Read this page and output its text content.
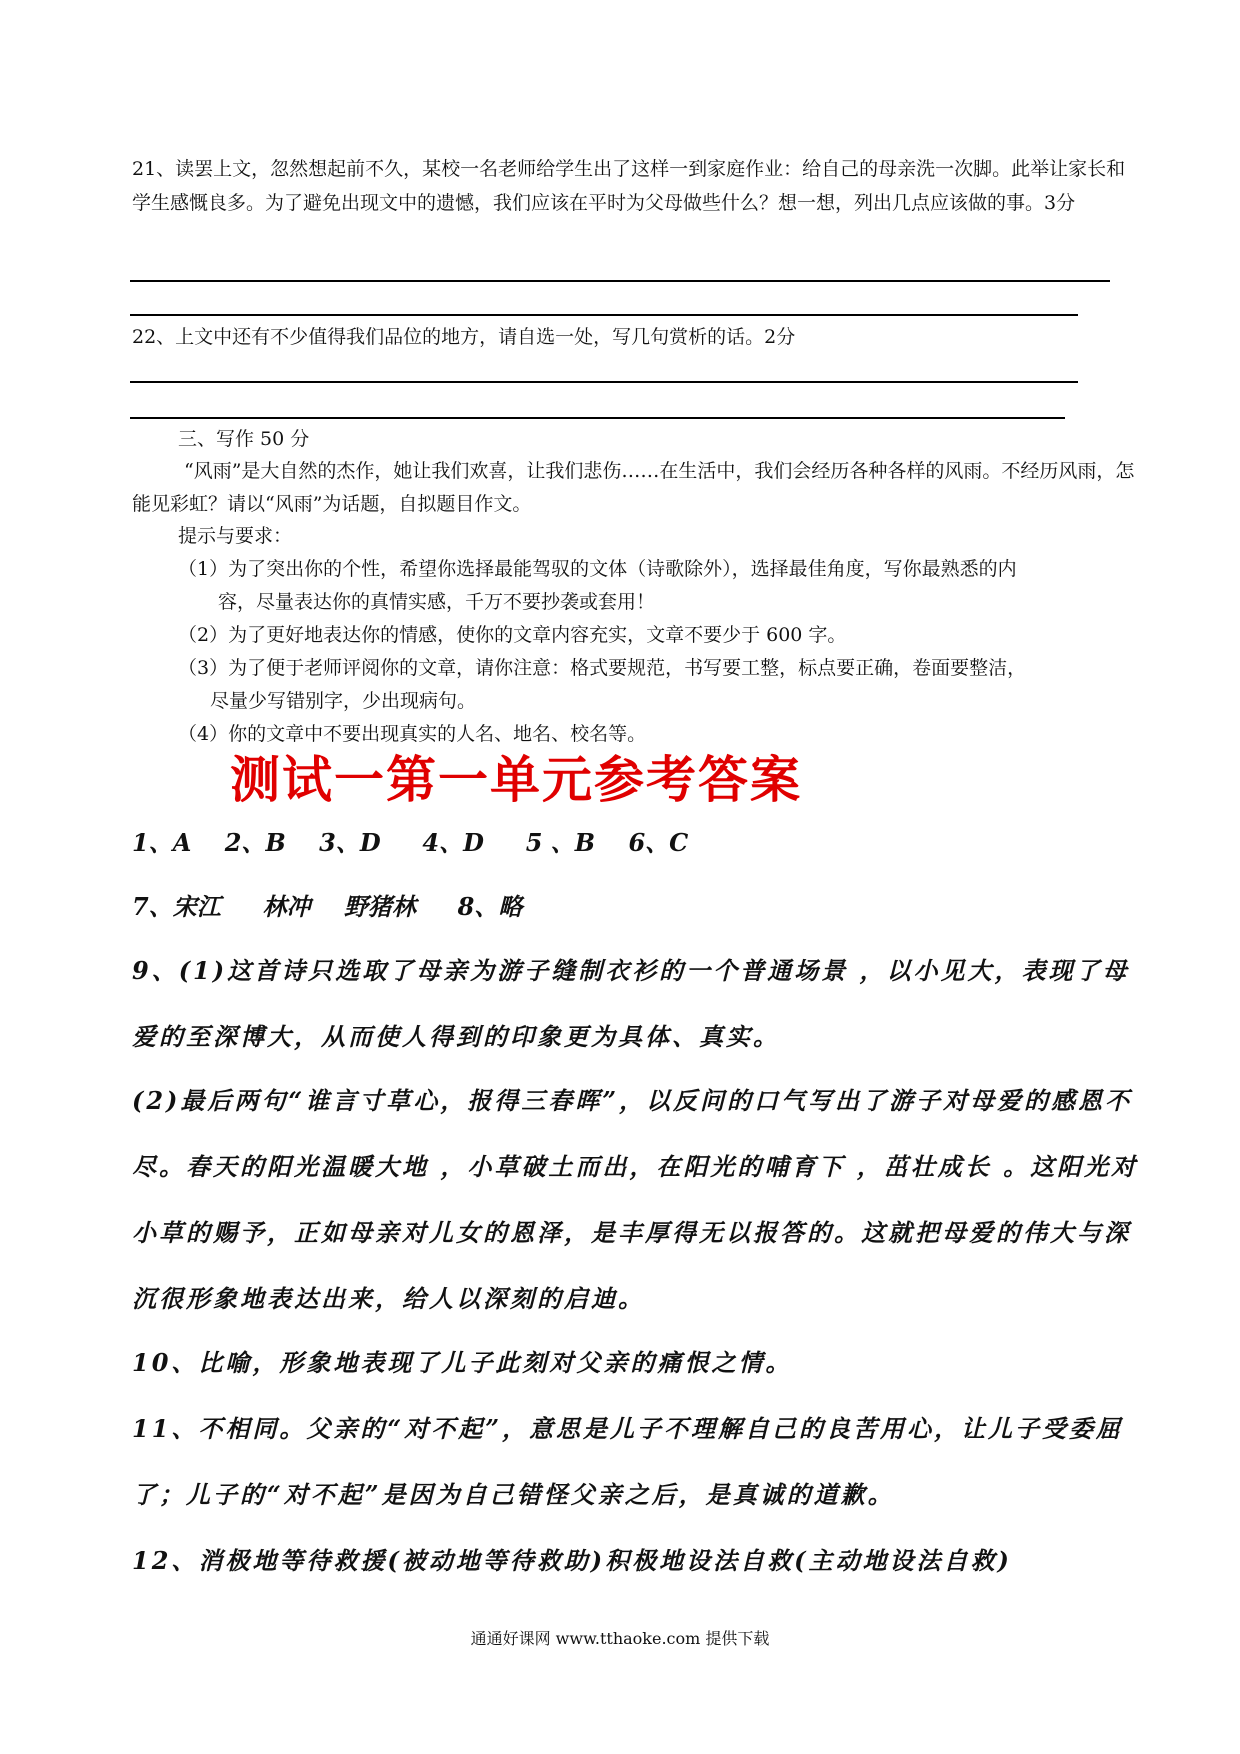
21、读罢上文，忽然想起前不久，某校一名老师给学生出了这样一到家庭作业：给自己的母亲洗一次脚。此举让家长和学生感慨良多。为了避免出现文中的遗憾，我们应该在平时为父母做些什么？想一想，列出几点应该做的事。3分

22、上文中还有不少值得我们品位的地方，请自选一处，写几句赏析的话。2分

三、写作 50 分

“风雨”是大自然的杰作，她让我们欢喜，让我们悲伤……在生活中，我们会经历各种各样的风雨。不经历风雨，怎能见彩虹？请以“风雨”为话题，自拟题目作文。

提示与要求：

（1）为了突出你的个性，希望你选择最能驾驭的文体（诗歌除外），选择最佳角度，写你最熟悉的内

容，尽量表达你的真情实感，千万不要抄袭或套用！

（2）为了更好地表达你的情感，使你的文章内容充实，文章不要少于 600 字。

（3）为了便于老师评阅你的文章，请你注意：格式要规范，书写要工整，标点要正确，卷面要整洁，

尽量少写错别字，少出现病句。

（4）你的文章中不要出现真实的人名、地名、校名等。

测试一第一单元参考答案

1、A    2、B    3、D     4、D     5 、B    6、C

7、宋江     林冲    野猪林     8、略

9、(1)这首诗只选取了母亲为游子缝制衣衫的一个普通场景 ，以小见大，表现了母爱的至深博大，从而使人得到的印象更为具体、真实。

(2)最后两句“谁言寸草心，报得三春晖”，以反问的口气写出了游子对母爱的感恩不尽。春天的阳光温暖大地 ，小草破土而出，在阳光的哺育下 ，茁壮成长 。这阳光对小草的赐予，正如母亲对儿女的恩泽，是丰厚得无以报答的。这就把母爱的伟大与深沉很形象地表达出来，给人以深刻的启迪。

10、比喻，形象地表现了儿子此刻对父亲的痛恨之情。

11、不相同。父亲的“对不起”，意思是儿子不理解自己的良苦用心，让儿子受委屈了；儿子的“对不起”是因为自己错怪父亲之后，是真诚的道歉。

12、消极地等待救援(被动地等待救助)积极地设法自救(主动地设法自救)

通通好课网 www.tthaoke.com 提供下载
